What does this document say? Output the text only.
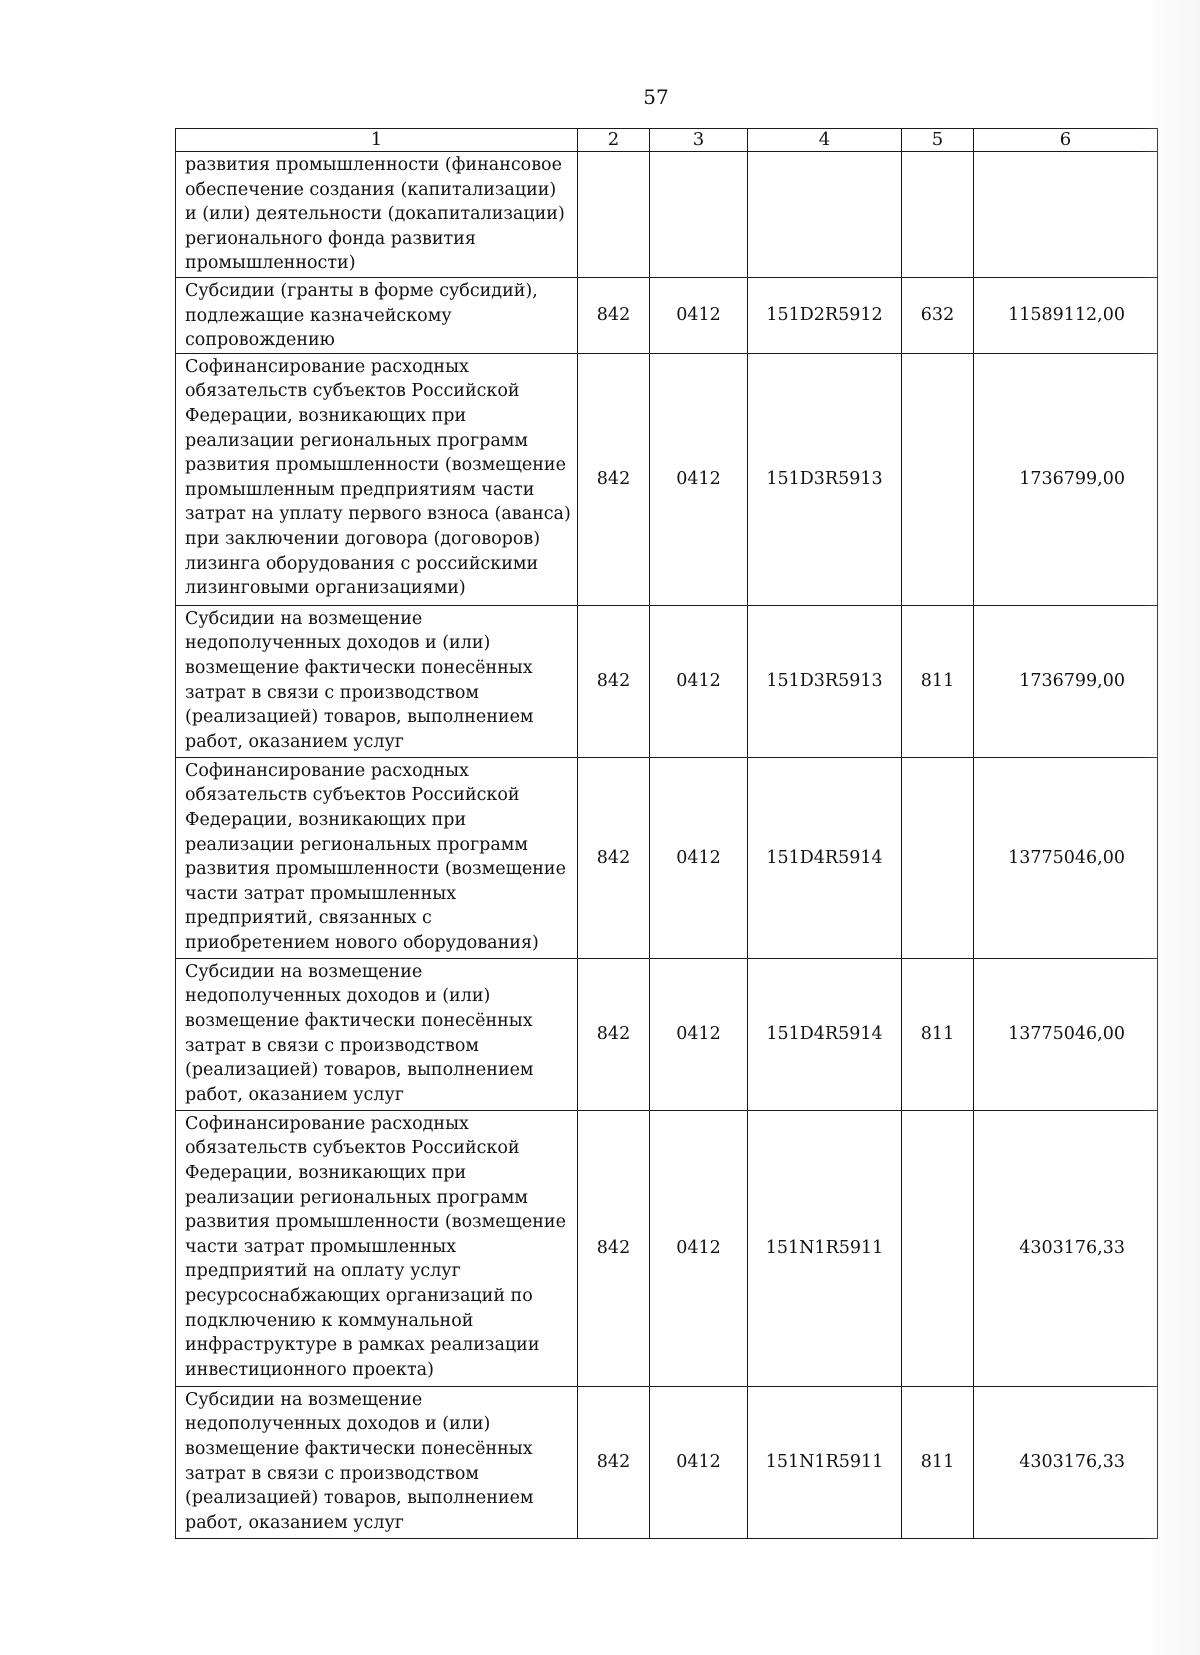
57
1	2	3	4	5	6
развития промышленности (финансовое обеспечение создания (капитализации) и (или) деятельности (докапитализации) регионального фонда развития промышленности)					
Субсидии (гранты в форме субсидий), подлежащие казначейскому сопровождению	842	0412	151D2R5912	632	11589112,00
Софинансирование расходных обязательств субъектов Российской Федерации, возникающих при реализации региональных программ развития промышленности (возмещение промышленным предприятиям части затрат на уплату первого взноса (аванса) при заключении договора (договоров) лизинга оборудования с российскими лизинговыми организациями)	842	0412	151D3R5913		1736799,00
Субсидии на возмещение недополученных доходов и (или) возмещение фактически понесённых затрат в связи с производством (реализацией) товаров, выполнением работ, оказанием услуг	842	0412	151D3R5913	811	1736799,00
Софинансирование расходных обязательств субъектов Российской Федерации, возникающих при реализации региональных программ развития промышленности (возмещение части затрат промышленных предприятий, связанных с приобретением нового оборудования)	842	0412	151D4R5914		13775046,00
Субсидии на возмещение недополученных доходов и (или) возмещение фактически понесённых затрат в связи с производством (реализацией) товаров, выполнением работ, оказанием услуг	842	0412	151D4R5914	811	13775046,00
Софинансирование расходных обязательств субъектов Российской Федерации, возникающих при реализации региональных программ развития промышленности (возмещение части затрат промышленных предприятий на оплату услуг ресурсоснабжающих организаций по подключению к коммунальной инфраструктуре в рамках реализации инвестиционного проекта)	842	0412	151N1R5911		4303176,33
Субсидии на возмещение недополученных доходов и (или) возмещение фактически понесённых затрат в связи с производством (реализацией) товаров, выполнением работ, оказанием услуг	842	0412	151N1R5911	811	4303176,33
